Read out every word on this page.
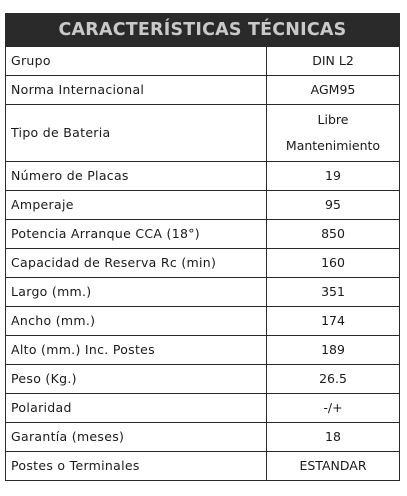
CARACTERÍSTICAS TÉCNICAS
Grupo	DIN L2
Norma Internacional	AGM95
Tipo de Bateria	Libre
Mantenimiento
Número de Placas	19
Amperaje	95
Potencia Arranque CCA (18°)	850
Capacidad de Reserva Rc (min)	160
Largo (mm.)	351
Ancho (mm.)	174
Alto (mm.) Inc. Postes	189
Peso (Kg.)	26.5
Polaridad	-/+
Garantía (meses)	18
Postes o Terminales	ESTANDAR
